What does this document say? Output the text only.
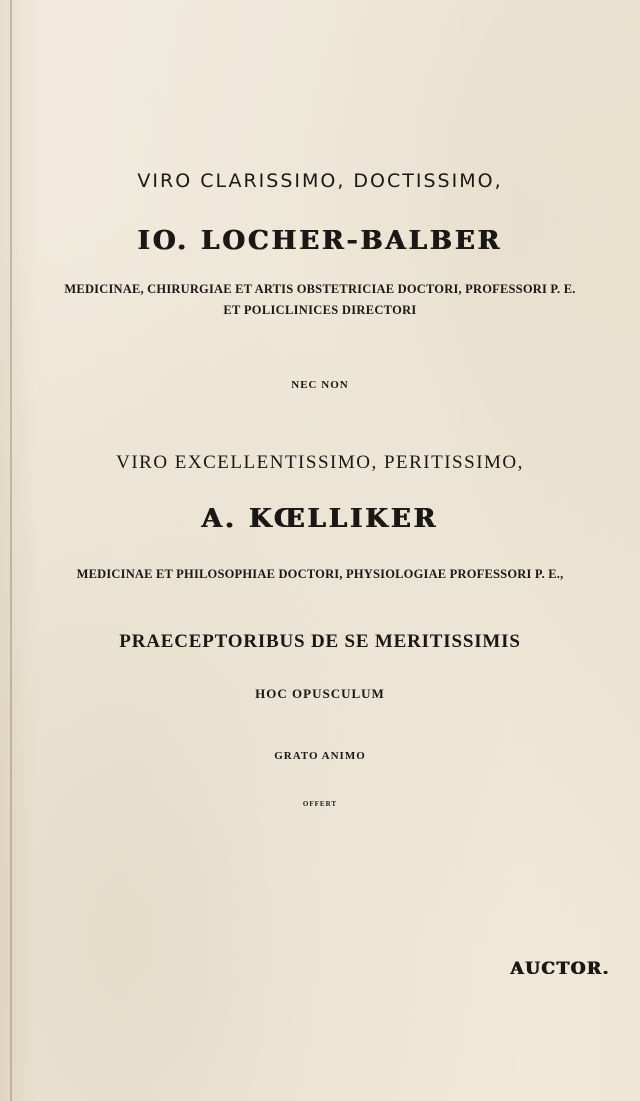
VIRO CLARISSIMO, DOCTISSIMO,
IO. LOCHER-BALBER
MEDICINAE, CHIRURGIAE ET ARTIS OBSTETRICIAE DOCTORI, PROFESSORI P. E.
ET POLICLINICES DIRECTORI
NEC NON
VIRO EXCELLENTISSIMO, PERITISSIMO,
A. KŒLLIKER
MEDICINAE ET PHILOSOPHIAE DOCTORI, PHYSIOLOGIAE PROFESSORI P. E.,
PRAECEPTORIBUS DE SE MERITISSIMIS
HOC OPUSCULUM
GRATO ANIMO
OFFERT
AUCTOR.
